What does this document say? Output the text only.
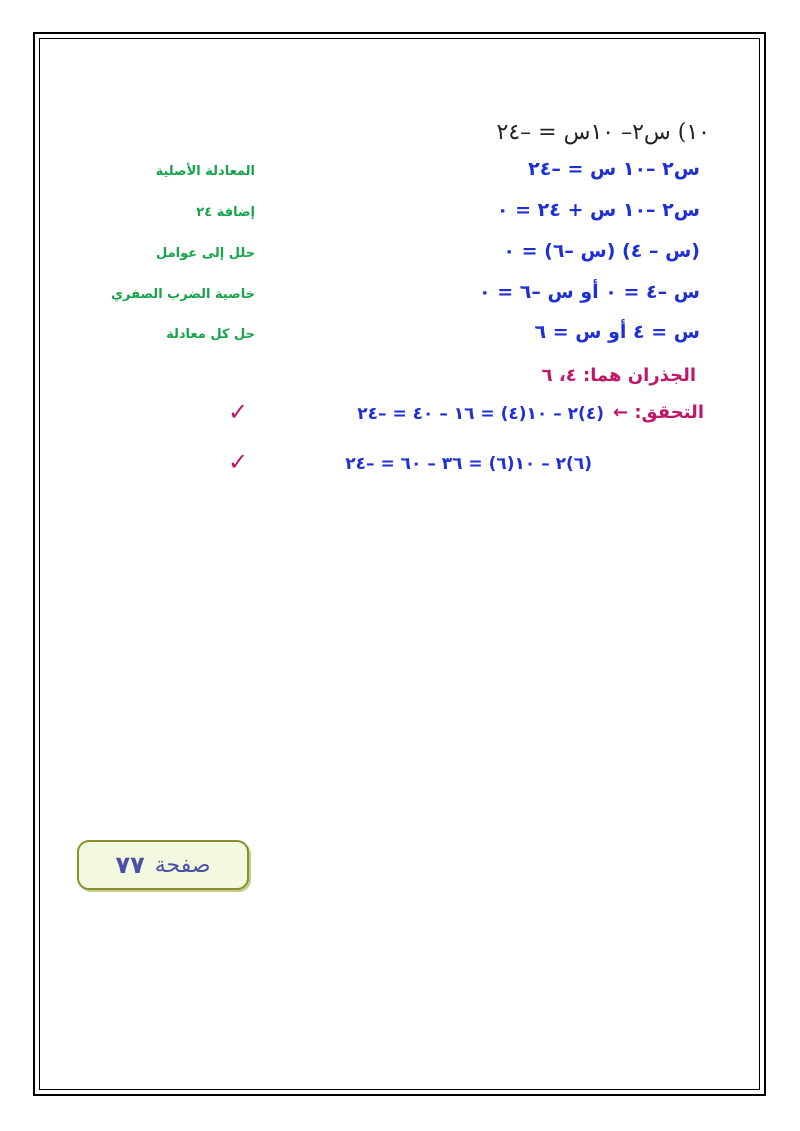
١٠) س٢– ١٠س = –٢٤
س٢ –١٠ س = –٢٤
المعادلة الأصلية
س٢ –١٠ س + ٢٤ = ٠
إضافة ٢٤
(س – ٤) (س –٦) = ٠
حلل إلى عوامل
س –٤ = ٠ أو س –٦ = ٠
خاصية الضرب الصفري
س = ٤ أو س = ٦
حل كل معادلة
الجذران هما: ٤، ٦
التحقق: ←
(٤)٢ – ١٠(٤) = ١٦ – ٤٠ = –٢٤
✓
(٦)٢ – ١٠(٦) = ٣٦ – ٦٠ = –٢٤
✓
صفحة
٧٧
